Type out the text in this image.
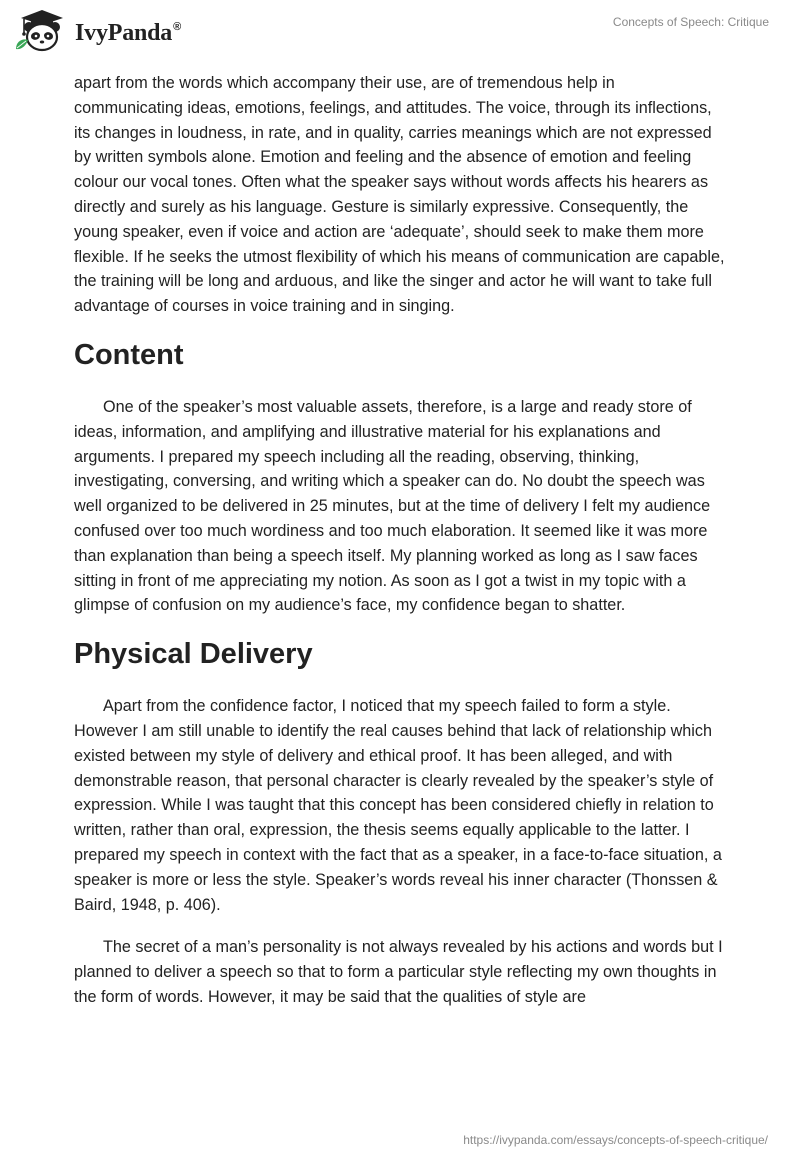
IvyPanda®	Concepts of Speech: Critique

apart from the words which accompany their use, are of tremendous help in communicating ideas, emotions, feelings, and attitudes. The voice, through its inflections, its changes in loudness, in rate, and in quality, carries meanings which are not expressed by written symbols alone. Emotion and feeling and the absence of emotion and feeling colour our vocal tones. Often what the speaker says without words affects his hearers as directly and surely as his language. Gesture is similarly expressive. Consequently, the young speaker, even if voice and action are ‘adequate’, should seek to make them more flexible. If he seeks the utmost flexibility of which his means of communication are capable, the training will be long and arduous, and like the singer and actor he will want to take full advantage of courses in voice training and in singing.

Content

One of the speaker’s most valuable assets, therefore, is a large and ready store of ideas, information, and amplifying and illustrative material for his explanations and arguments. I prepared my speech including all the reading, observing, thinking, investigating, conversing, and writing which a speaker can do. No doubt the speech was well organized to be delivered in 25 minutes, but at the time of delivery I felt my audience confused over too much wordiness and too much elaboration. It seemed like it was more than explanation than being a speech itself. My planning worked as long as I saw faces sitting in front of me appreciating my notion. As soon as I got a twist in my topic with a glimpse of confusion on my audience’s face, my confidence began to shatter.

Physical Delivery

Apart from the confidence factor, I noticed that my speech failed to form a style. However I am still unable to identify the real causes behind that lack of relationship which existed between my style of delivery and ethical proof. It has been alleged, and with demonstrable reason, that personal character is clearly revealed by the speaker’s style of expression. While I was taught that this concept has been considered chiefly in relation to written, rather than oral, expression, the thesis seems equally applicable to the latter. I prepared my speech in context with the fact that as a speaker, in a face-to-face situation, a speaker is more or less the style. Speaker’s words reveal his inner character (Thonssen & Baird, 1948, p. 406).

The secret of a man’s personality is not always revealed by his actions and words but I planned to deliver a speech so that to form a particular style reflecting my own thoughts in the form of words. However, it may be said that the qualities of style are

https://ivypanda.com/essays/concepts-of-speech-critique/
